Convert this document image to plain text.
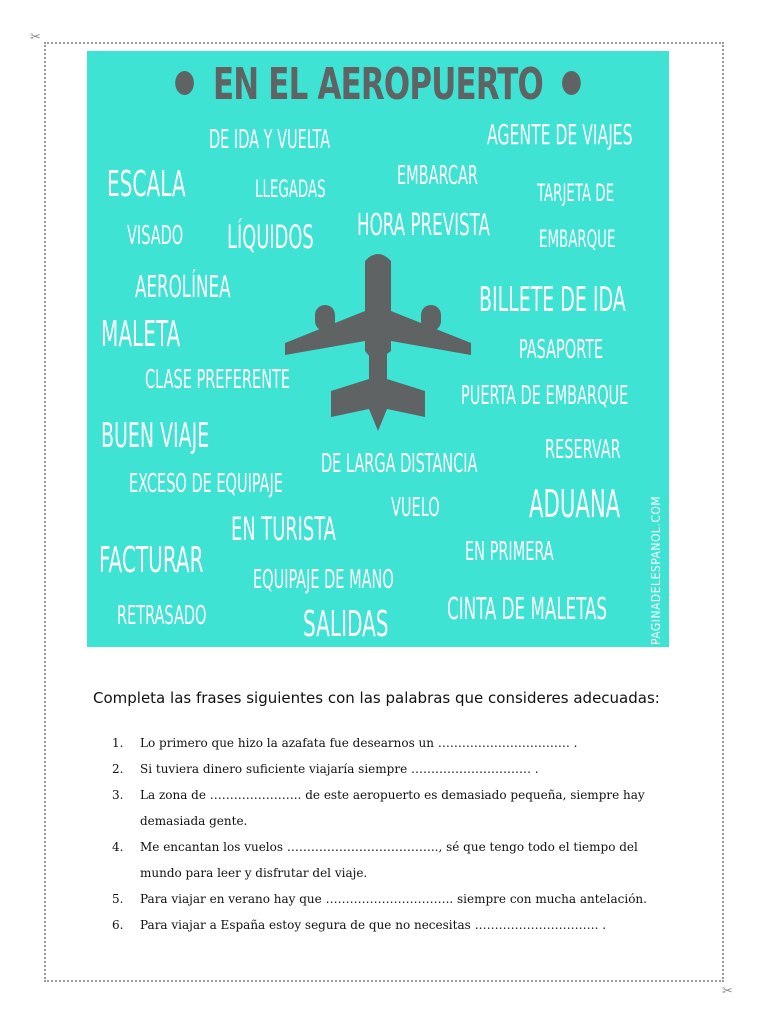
✂
✂
EN EL AEROPUERTO
DE IDA Y VUELTA	AGENTE DE VIAJES
ESCALA	LLEGADAS	EMBARCAR
TARJETA DE
EMBARQUE
VISADO LÍQUIDOS HORA PREVISTA
AEROLÍNEA	BILLETE DE IDA
MALETA	PASAPORTE
CLASE PREFERENTE
PUERTA DE EMBARQUE
BUEN VIAJE	RESERVAR
DE LARGA DISTANCIA
EXCESO DE EQUIPAJE	ADUANA
VUELO
EN TURISTA
EN PRIMERA
FACTURAR EQUIPAJE DE MANO
RETRASADO	SALIDAS CINTA DE MALETAS	PAGINADELESPANOL.COM
Completa las frases siguientes con las palabras que consideres adecuadas:
1. Lo primero que hizo la azafata fue desearnos un …………………………… .
2. Si tuviera dinero suficiente viajaría siempre ………………………… .
3. La zona de ………………….. de este aeropuerto es demasiado pequeña, siempre hay
demasiada gente.
4. Me encantan los vuelos ……………………………….., sé que tengo todo el tiempo del
mundo para leer y disfrutar del viaje.
5. Para viajar en verano hay que ………………………….. siempre con mucha antelación.
6. Para viajar a España estoy segura de que no necesitas …………………………. .
